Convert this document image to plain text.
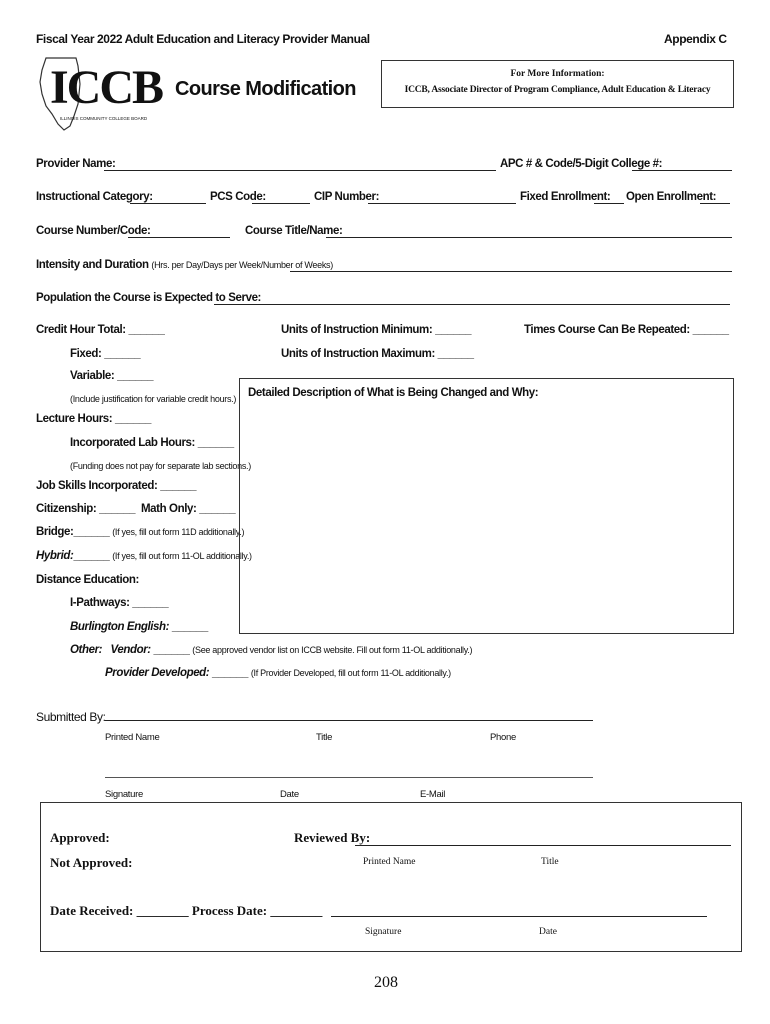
Fiscal Year 2022 Adult Education and Literacy Provider Manual	Appendix C
ICCB
ILLINOIS COMMUNITY COLLEGE BOARD
Course Modification
For More Information:
ICCB, Associate Director of Program Compliance, Adult Education & Literacy
Provider Name:	APC # & Code/5-Digit College #:
Instructional Category:	PCS Code:	CIP Number:	Fixed Enrollment: Open Enrollment:
Course Number/Code:	Course Title/Name:
Intensity and Duration (Hrs. per Day/Days per Week/Number of Weeks)
Population the Course is Expected to Serve:
Credit Hour Total: ______
Fixed: ______
Variable: ______
(Include justification for variable credit hours.)
Lecture Hours: ______
Incorporated Lab Hours: ______
(Funding does not pay for separate lab sections.)
Job Skills Incorporated: ______
Citizenship: ______ Math Only: ______
Bridge:______ (If yes, fill out form 11D additionally.)
Hybrid:______ (If yes, fill out form 11-OL additionally.)
Distance Education:
I-Pathways: ______
Burlington English: ______
Other: Vendor: ______ (See approved vendor list on ICCB website. Fill out form 11-OL additionally.)
Provider Developed: ______ (If Provider Developed, fill out form 11-OL additionally.)
Units of Instruction Minimum: ______
Units of Instruction Maximum: ______
Times Course Can Be Repeated: ______
Detailed Description of What is Being Changed and Why:
Submitted By:
Printed Name	Title	Phone
Signature	Date	E-Mail
Approved:
Not Approved:
Reviewed By:
Printed Name	Title
Date Received: ________ Process Date: ________
Signature	Date
208
